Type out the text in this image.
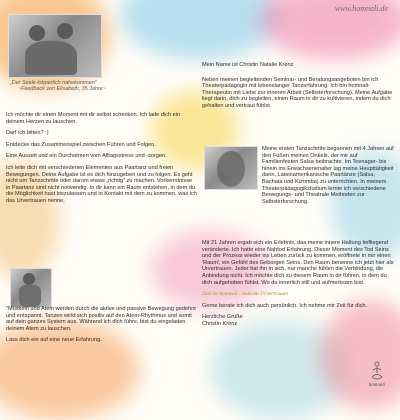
www.homnali.de
„Der Seele körperlich nahekommen“
~Feedback von Elisabeth, 35 Jahre~

Ich möchte dir einen Moment mit dir selbst schenken. Ich lade dich ein deinem Herzen zu lauschen.

Darf ich bitten? :)

Entdecke das Zusammenspiel zwischen Führen und Folgen.

Eine Auszeit und ein Durchatmen vom Alltagsstress und -sorgen.

Ich leite dich mit verschiedenen Elementen aus Paartanz und freien Bewegungen. Deine Aufgabe ist es dich hinzugeben und zu folgen. Es geht nicht um Tanzschritte oder darum etwas „richtig“ zu machen. Vorkenntnisse in Paartanz sind nicht notwendig. In dir kann ein Raum entstehen, in dem du die Möglichkeit hast loszulassen und in Kontakt mit dem zu kommen, was ich das Urvertrauen nenne.

"Muskeln und Atem werden durch die aktive und passive Bewegung gedehnt und entspannt. Tanzen wirkt sich positiv auf den Atem-Rhythmus und somit auf dein ganzes System aus. Während ich dich führe, bist du eingeladen deinem Atem zu lauschen.

Lass dich ein auf eine neue Erfahrung.

Mein Name ist Christin Natalie Krenz

Neben meinen begleitenden Seminar- und Beratungsangeboten bin ich Theaterpädagogin mit lebenslanger Tanzerfahrung. Ich bin homnali-Therapeutin mit Liebe zur inneren Arbeit (Selbsterforschung). Meine Aufgabe liegt darin, dich zu begleiten, einen Raum in dir zu kultivieren, indem du dich gehalten und vertraut fühlst.

Meine ersten Tanzschritte begannen mit 4 Jahren auf den Füßen meines Onkels, der mir auf Familienfesten Salsa beibrachte. Im Teenager- bis hinein ins Erwachsenenalter lag meine Haupttätigkeit darin, Lateinamerikanische Paartänze (Salsa, Bachata und Kizomba) zu unterrichten. In meinem Theaterpädagogikstudium lernte ich verschiedene Bewegungs- und Theatrale Methoden zur Selbsterforschung.

Mit 21 Jahren ergab sich ein Erlebnis, das meine innere Haltung tiefliegend veränderte. Ich hatte eine Nahtod Erfahrung. Dieser Moment des Tod Seins und der Prozess wieder ins Leben zurück zu kommen, eröffnete in mir einen 'Raum', ein Gefühl des Geborgen Seins. Den Raum benenne ich jetzt hier als Urvertrauen. Jeder hat ihn in sich, nur manche fühlen die Verbindung, die Anbindung nicht. Ich möchte dich zu diesem Raum in dir führen, in dem du dich aufgehoben fühlst. Wo du innerlich still und aufmerksam bist.

Das ist homnali - Sein im Urvertrauen

Gerne berate ich dich auch persönlich. Ich nehme mir Zeit für dich.

Herzliche Grüße

Christin Krenz

homnali
